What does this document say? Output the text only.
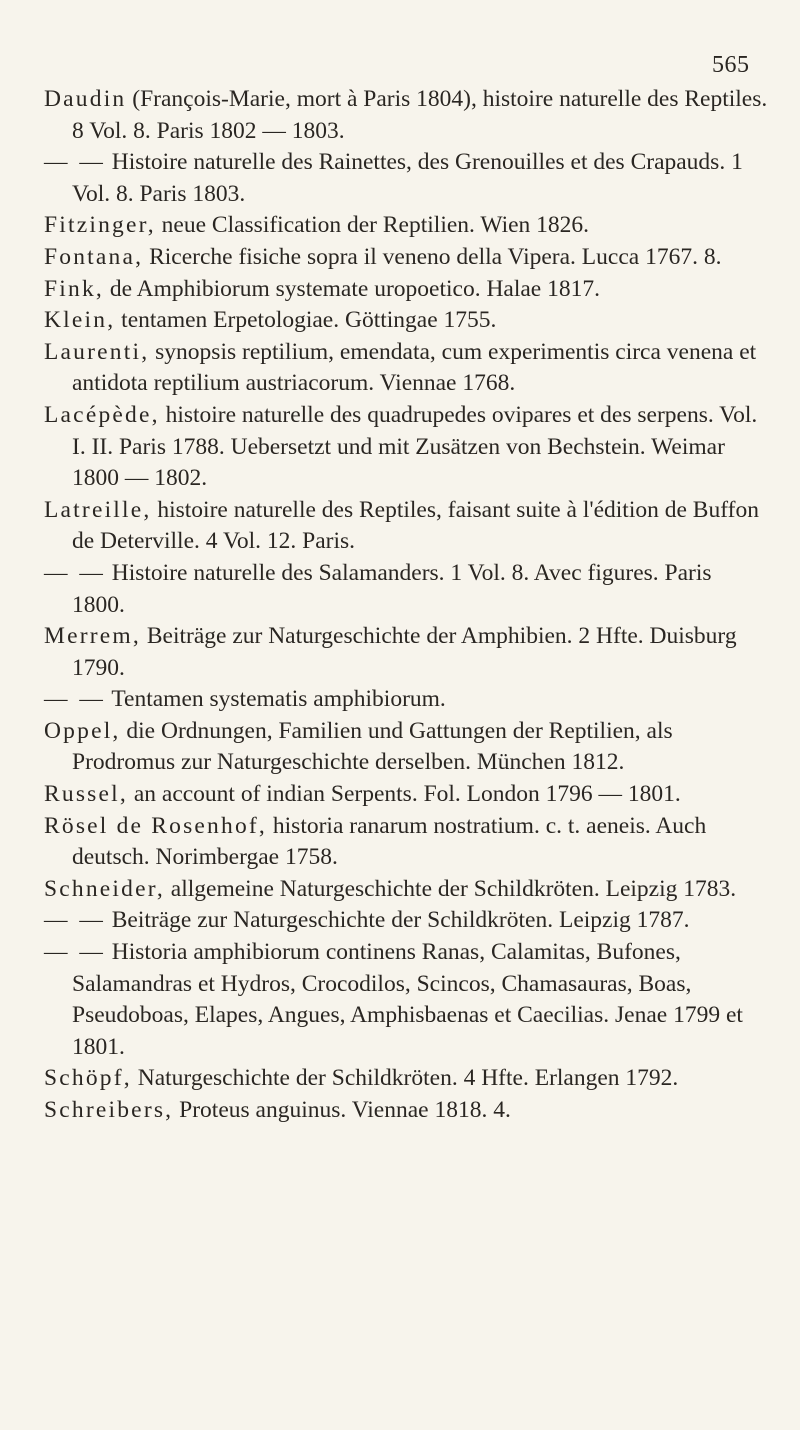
565

Daudin (François-Marie, mort à Paris 1804), histoire naturelle des Reptiles. 8 Vol. 8. Paris 1802 — 1803.

— — Histoire naturelle des Rainettes, des Grenouilles et des Crapauds. 1 Vol. 8. Paris 1803.

Fitzinger, neue Classification der Reptilien. Wien 1826.

Fontana, Ricerche fisiche sopra il veneno della Vipera. Lucca 1767. 8.

Fink, de Amphibiorum systemate uropoetico. Halae 1817.

Klein, tentamen Erpetologiae. Göttingae 1755.

Laurenti, synopsis reptilium, emendata, cum experimentis circa venena et antidota reptilium austriacorum. Viennae 1768.

Lacépède, histoire naturelle des quadrupedes ovipares et des serpens. Vol. I. II. Paris 1788. Uebersetzt und mit Zusätzen von Bechstein. Weimar 1800 — 1802.

Latreille, histoire naturelle des Reptiles, faisant suite à l'édition de Buffon de Deterville. 4 Vol. 12. Paris.

— — Histoire naturelle des Salamanders. 1 Vol. 8. Avec figures. Paris 1800.

Merrem, Beiträge zur Naturgeschichte der Amphibien. 2 Hfte. Duisburg 1790.

— — Tentamen systematis amphibiorum.

Oppel, die Ordnungen, Familien und Gattungen der Reptilien, als Prodromus zur Naturgeschichte derselben. München 1812.

Russel, an account of indian Serpents. Fol. London 1796 — 1801.

Rösel de Rosenhof, historia ranarum nostratium. c. t. aeneis. Auch deutsch. Norimbergae 1758.

Schneider, allgemeine Naturgeschichte der Schildkröten. Leipzig 1783.

— — Beiträge zur Naturgeschichte der Schildkröten. Leipzig 1787.

— — Historia amphibiorum continens Ranas, Calamitas, Bufones, Salamandras et Hydros, Crocodilos, Scincos, Chamasauras, Boas, Pseudoboas, Elapes, Angues, Amphisbaenas et Caecilias. Jenae 1799 et 1801.

Schöpf, Naturgeschichte der Schildkröten. 4 Hfte. Erlangen 1792.

Schreibers, Proteus anguinus. Viennae 1818. 4.
